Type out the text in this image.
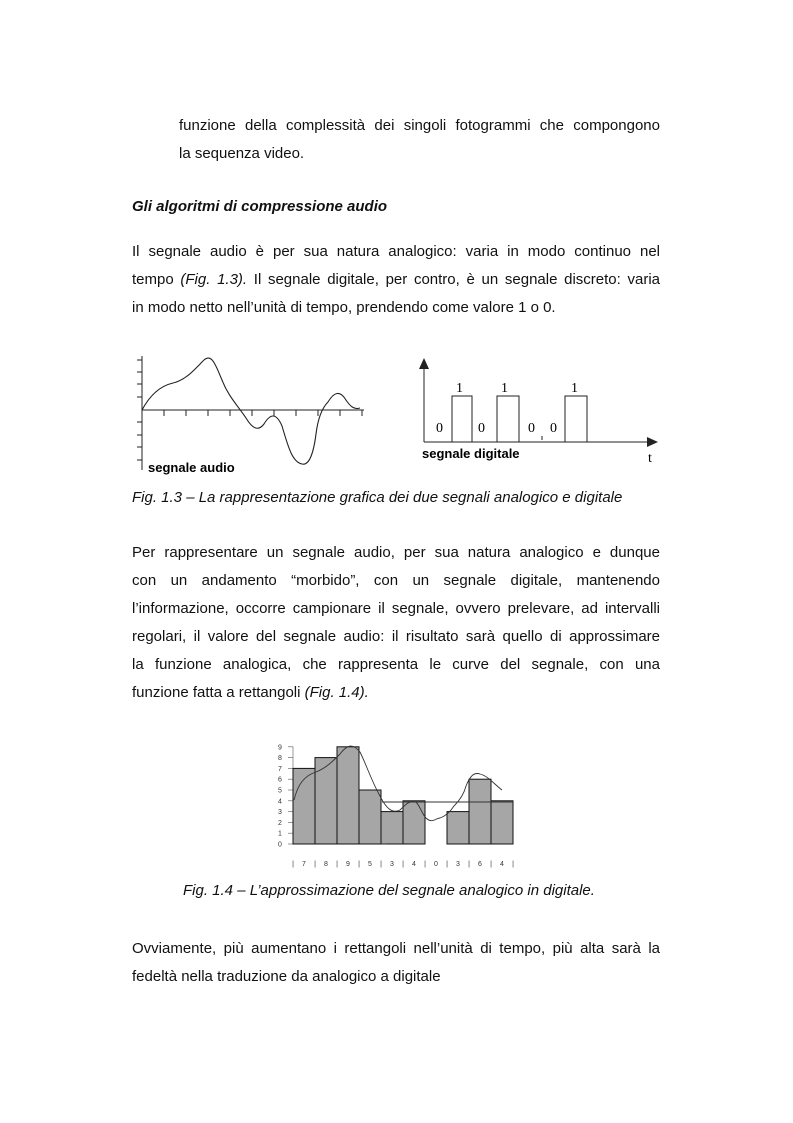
funzione della complessità dei singoli fotogrammi che compongono
la sequenza video.
Gli algoritmi di compressione audio
Il segnale audio è per sua natura analogico: varia in modo continuo nel
tempo (Fig. 1.3). Il segnale digitale, per contro, è un segnale discreto: varia
in modo netto nell’unità di tempo, prendendo come valore 1 o 0.
segnale audio
0
1
0
1
0 0
1
segnale digitale	t
Fig. 1.3 – La rappresentazione grafica dei due segnali analogico e digitale
Per rappresentare un segnale audio, per sua natura analogico e dunque
con un andamento “morbido”, con un segnale digitale, mantenendo
l’informazione, occorre campionare il segnale, ovvero prelevare, ad intervalli
regolari, il valore del segnale audio: il risultato sarà quello di approssimare
la funzione analogica, che rappresenta le curve del segnale, con una
funzione fatta a rettangoli (Fig. 1.4).
0
1
2
3
4
5
6
7
8
9
|	|	|	|	|	|	|	|	|	|	|
7	8	9	5	3	4	0	3	6	4
Fig. 1.4 – L’approssimazione del segnale analogico in digitale.
Ovviamente, più aumentano i rettangoli nell’unità di tempo, più alta sarà la
fedeltà nella traduzione da analogico a digitale
